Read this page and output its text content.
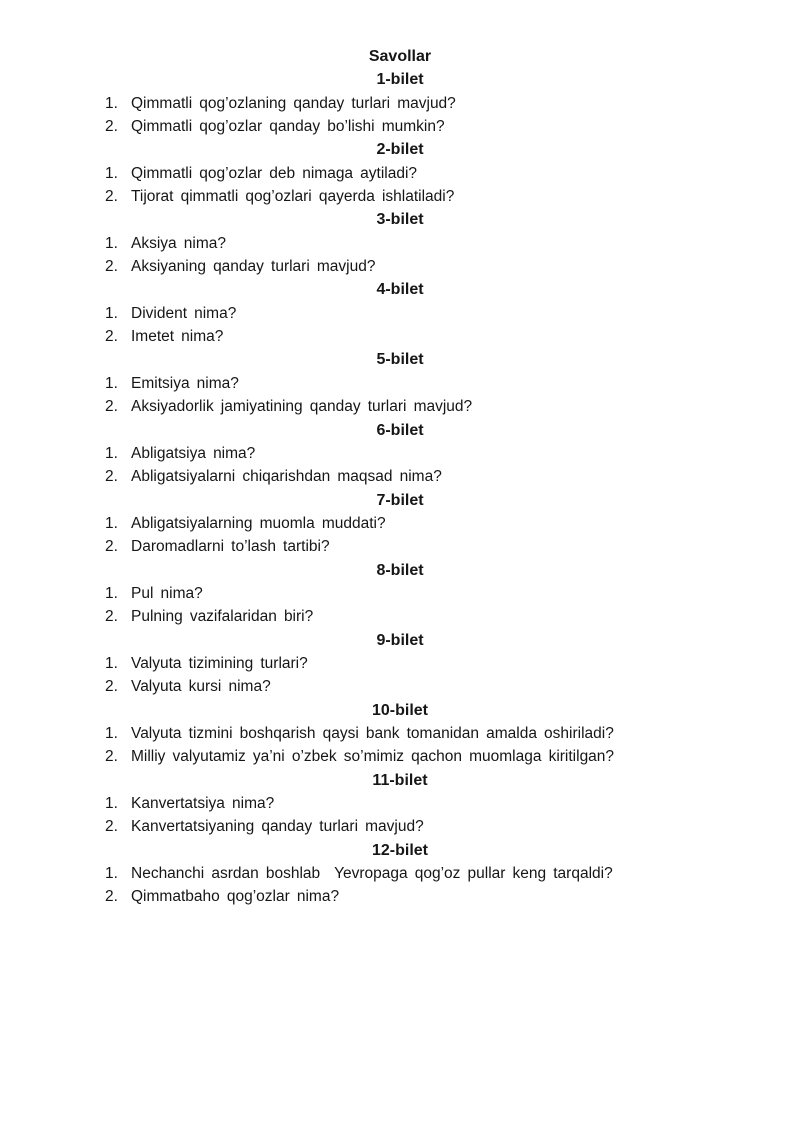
Savollar
1-bilet
1. Qimmatli qog’ozlaning qanday turlari mavjud?
2. Qimmatli qog’ozlar qanday bo’lishi mumkin?
2-bilet
1. Qimmatli qog’ozlar deb nimaga aytiladi?
2. Tijorat qimmatli qog’ozlari qayerda ishlatiladi?
3-bilet
1. Aksiya nima?
2. Aksiyaning qanday turlari mavjud?
4-bilet
1. Divident nima?
2. Imetet nima?
5-bilet
1. Emitsiya nima?
2. Aksiyadorlik jamiyatining qanday turlari mavjud?
6-bilet
1. Abligatsiya nima?
2. Abligatsiyalarni chiqarishdan maqsad nima?
7-bilet
1. Abligatsiyalarning muomla muddati?
2. Daromadlarni to’lash tartibi?
8-bilet
1. Pul nima?
2. Pulning vazifalaridan biri?
9-bilet
1. Valyuta tizimining turlari?
2. Valyuta kursi nima?
10-bilet
1. Valyuta tizmini boshqarish qaysi bank tomanidan amalda oshiriladi?
2. Milliy valyutamiz ya’ni o’zbek so’mimiz qachon muomlaga kiritilgan?
11-bilet
1. Kanvertatsiya nima?
2. Kanvertatsiyaning qanday turlari mavjud?
12-bilet
1. Nechanchi asrdan boshlab  Yevropaga qog’oz pullar keng tarqaldi?
2. Qimmatbaho qog’ozlar nima?
